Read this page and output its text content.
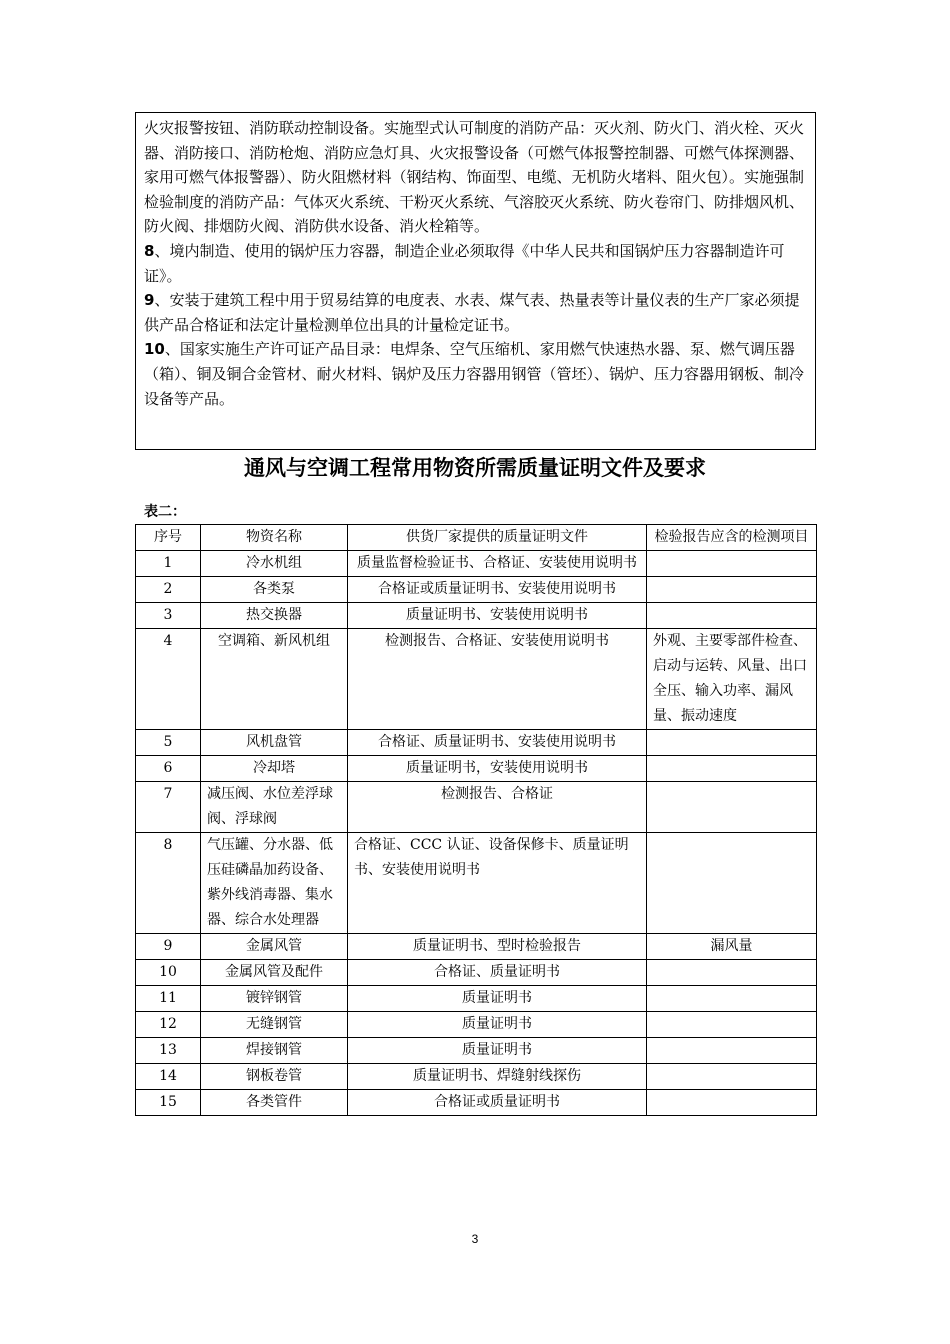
火灾报警按钮、消防联动控制设备。实施型式认可制度的消防产品：灭火剂、防火门、消火栓、灭火器、消防接口、消防枪炮、消防应急灯具、火灾报警设备（可燃气体报警控制器、可燃气体探测器、家用可燃气体报警器）、防火阻燃材料（钢结构、饰面型、电缆、无机防火堵料、阻火包）。实施强制检验制度的消防产品：气体灭火系统、干粉灭火系统、气溶胶灭火系统、防火卷帘门、防排烟风机、防火阀、排烟防火阀、消防供水设备、消火栓箱等。

8、境内制造、使用的锅炉压力容器，制造企业必须取得《中华人民共和国锅炉压力容器制造许可证》。

9、安装于建筑工程中用于贸易结算的电度表、水表、煤气表、热量表等计量仪表的生产厂家必须提供产品合格证和法定计量检测单位出具的计量检定证书。

10、国家实施生产许可证产品目录：电焊条、空气压缩机、家用燃气快速热水器、泵、燃气调压器（箱）、铜及铜合金管材、耐火材料、锅炉及压力容器用钢管（管坯）、锅炉、压力容器用钢板、制冷设备等产品。

通风与空调工程常用物资所需质量证明文件及要求
表二：
序号	物资名称	供货厂家提供的质量证明文件	检验报告应含的检测项目
1	冷水机组	质量监督检验证书、合格证、安装使用说明书	
2	各类泵	合格证或质量证明书、安装使用说明书	
3	热交换器	质量证明书、安装使用说明书	
4	空调箱、新风机组	检测报告、合格证、安装使用说明书	外观、主要零部件检查、启动与运转、风量、出口全压、输入功率、漏风量、振动速度
5	风机盘管	合格证、质量证明书、安装使用说明书	
6	冷却塔	质量证明书，安装使用说明书	
7	减压阀、水位差浮球阀、浮球阀	检测报告、合格证	
8	气压罐、分水器、低压硅磷晶加药设备、紫外线消毒器、集水器、综合水处理器	合格证、CCC 认证、设备保修卡、质量证明书、安装使用说明书	
9	金属风管	质量证明书、型时检验报告	漏风量
10	金属风管及配件	合格证、质量证明书	
11	镀锌钢管	质量证明书	
12	无缝钢管	质量证明书	
13	焊接钢管	质量证明书	
14	钢板卷管	质量证明书、焊缝射线探伤	
15	各类管件	合格证或质量证明书	
3
